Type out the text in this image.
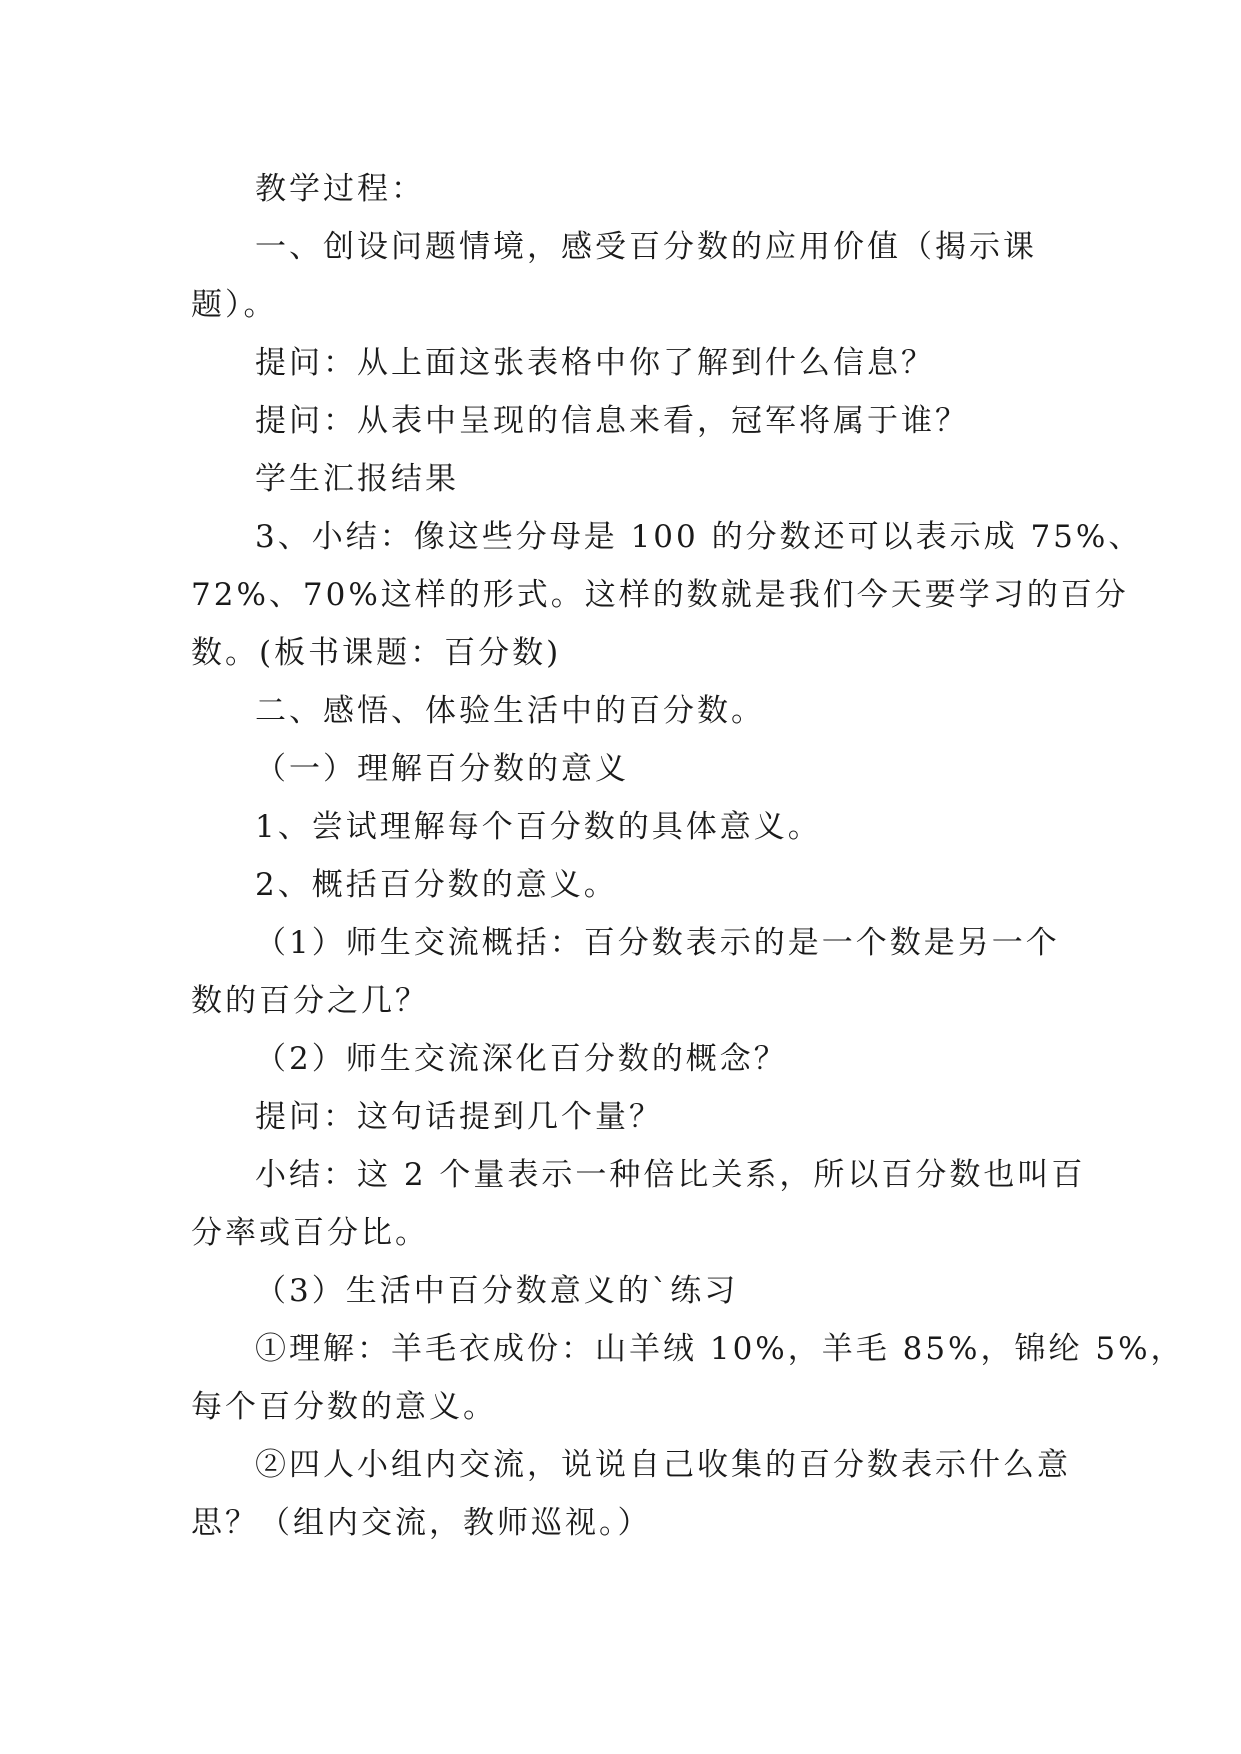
教学过程：
一、创设问题情境，感受百分数的应用价值（揭示课
题）。
提问：从上面这张表格中你了解到什么信息？
提问：从表中呈现的信息来看，冠军将属于谁？
学生汇报结果
3、小结：像这些分母是 100 的分数还可以表示成 75%、
72%、70%这样的形式。这样的数就是我们今天要学习的百分
数。(板书课题：百分数)
二、感悟、体验生活中的百分数。
（一）理解百分数的意义
1、尝试理解每个百分数的具体意义。
2、概括百分数的意义。
（1）师生交流概括：百分数表示的是一个数是另一个
数的百分之几？
（2）师生交流深化百分数的概念？
提问：这句话提到几个量？
小结：这 2 个量表示一种倍比关系，所以百分数也叫百
分率或百分比。
（3）生活中百分数意义的`练习
①理解：羊毛衣成份：山羊绒 10%，羊毛 85%，锦纶 5%，
每个百分数的意义。
②四人小组内交流，说说自己收集的百分数表示什么意
思？（组内交流，教师巡视。）
